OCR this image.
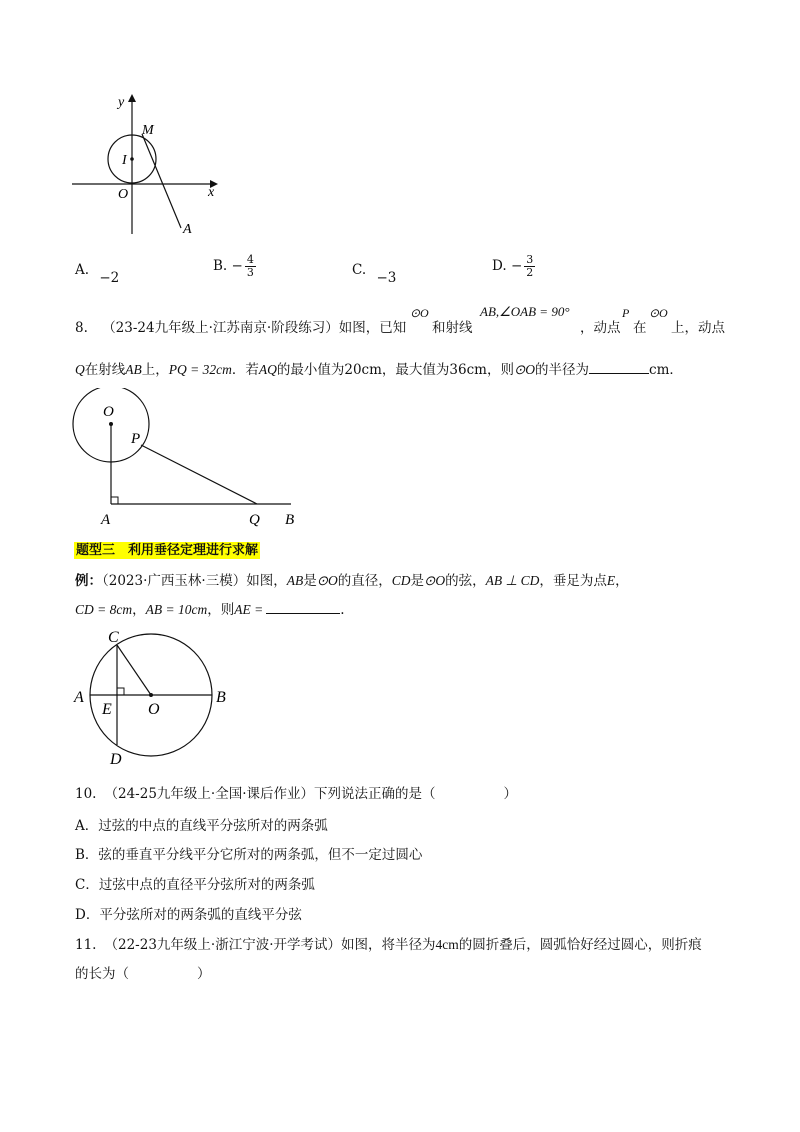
y
x
M
I
O
A
A. −2
B. − $\frac{4}{3}$	C. −3
D. − $\frac{3}{2}$
8. （23-24九年级上·江苏南京·阶段练习）如图，已知
⊙O
和射线
AB,∠OAB = 90°
，动点
P
在
⊙O
上，动点
Q在射线AB上，PQ = 32cm．若AQ的最小值为20cm，最大值为36cm，则⊙O的半径为	cm．
O
P
A	Q B
题型三　利用垂径定理进行求解
例：（2023·广西玉林·三模）如图，AB是⊙O的直径，CD是⊙O的弦，AB ⊥ CD，垂足为点E，
CD = 8cm，AB = 10cm，则AE =	.
C
A
E O
B
D
10. （24-25九年级上·全国·课后作业）下列说法正确的是（	）
A．过弦的中点的直线平分弦所对的两条弧
B．弦的垂直平分线平分它所对的两条弧，但不一定过圆心
C．过弦中点的直径平分弦所对的两条弧
D．平分弦所对的两条弧的直线平分弦
11. （22-23九年级上·浙江宁波·开学考试）如图，将半径为4cm的圆折叠后，圆弧恰好经过圆心，则折痕
的长为（	）
